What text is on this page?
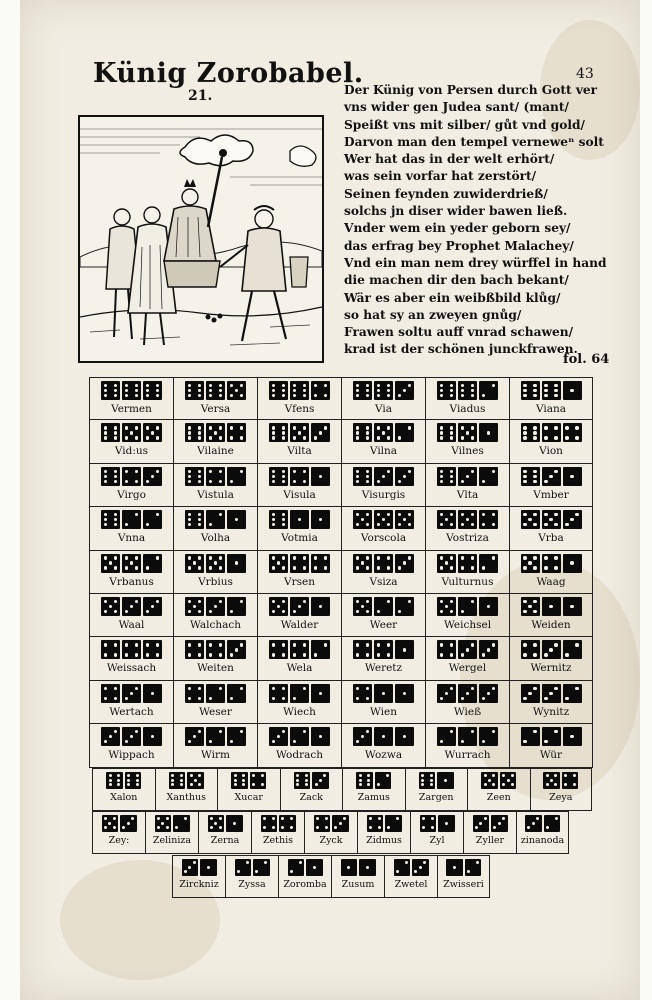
Künig Zorobabel.
21.
43
Der Künig von Persen durch Gott ver
vns wider gen Judea sant/ (mant/
Speißt vns mit silber/ gůt vnd gold/
Darvon man den tempel verneweⁿ solt
Wer hat das in der welt erhört/
was sein vorfar hat zerstört/
Seinen feynden zuwiderdrieß/
solchs jn diser wider bawen ließ.
Vnder wem ein yeder geborn sey/
das erfrag bey Prophet Malachey/
Vnd ein man nem drey würffel in hand
die machen dir den bach bekant/
Wär es aber ein weibßbild klůg/
so hat sy an zweyen gnůg/
Frawen soltu auff vnrad schawen/
krad ist der schönen junckfrawen.
fol. 64
Vermen	Versa	Vfens	Via	Viadus	Viana
Vid:us	Vilaine	Vilta	Vilna	Vilnes	Vion
Virgo	Vistula	Visula	Visurgis	Vlta	Vmber
Vnna	Volha	Votmia	Vorscola	Vostriza	Vrba
Vrbanus	Vrbius	Vrsen	Vsiza	Vulturnus	Waag
Waal	Walchach	Walder	Weer	Weichsel	Weiden
Weissach	Weiten	Wela	Weretz	Wergel	Wernitz
Wertach	Weser	Wiech	Wien	Wieß	Wynitz
Wippach	Wirm	Wodrach	Wozwa	Wurrach	Wür
Xalon	Xanthus	Xucar	Zack	Zamus	Zargen	Zeen	Zeya
Zey: Zeliniza Zerna Zethis	Zyck Zidmus	Zyl	Zyller zinanoda
Zirckniz Zyssa Zoromba Zusum Zwetel Zwisseri
